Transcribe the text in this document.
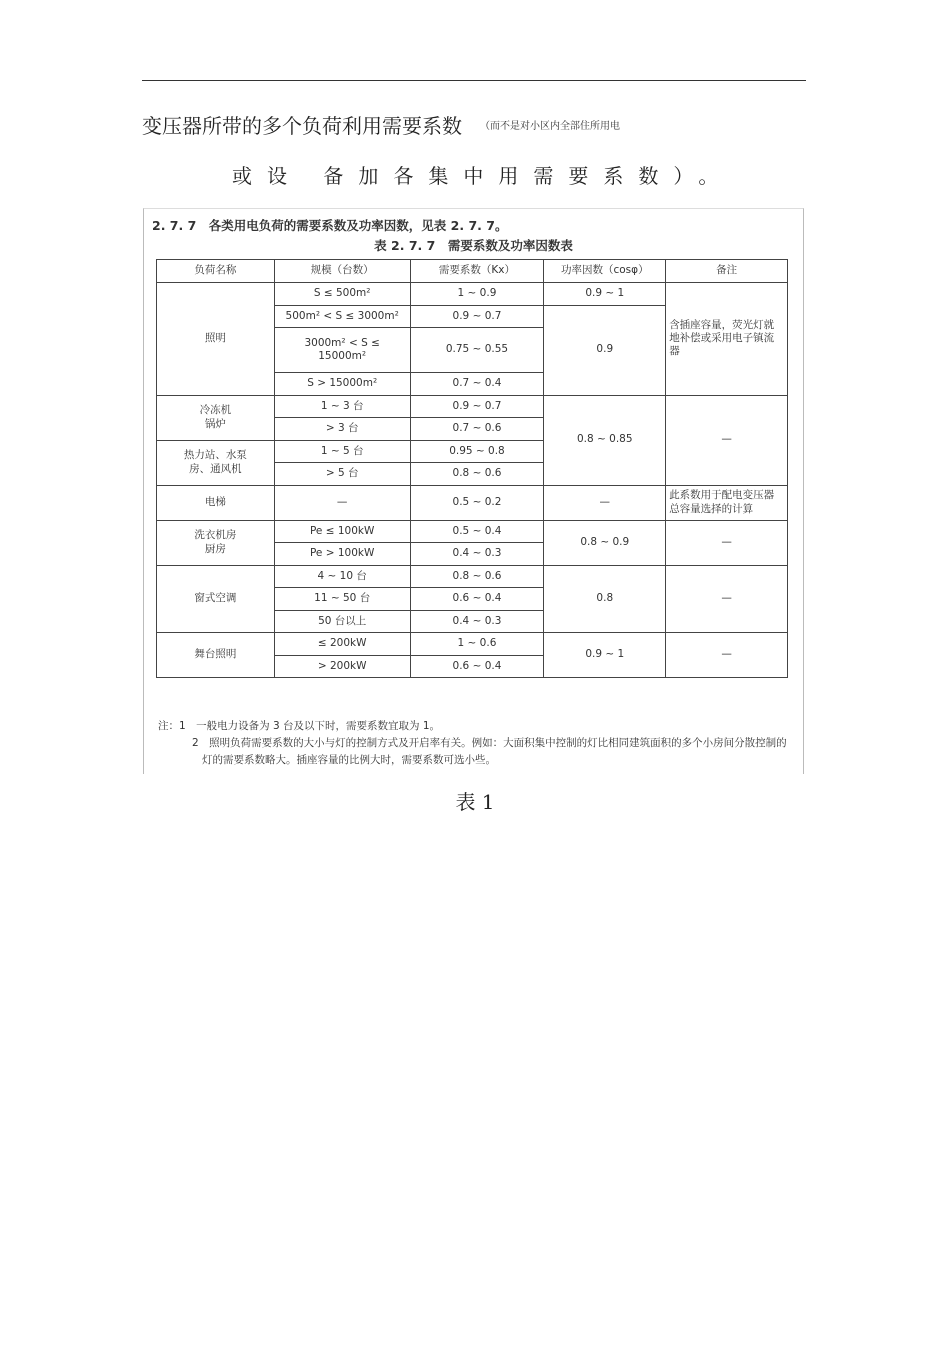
变压器所带的多个负荷利用需要系数 $^{(而不是对小区内全部住所用电}$
或设 备加各集中用需要系数）。
2. 7. 7　各类用电负荷的需要系数及功率因数，见表 2. 7. 7。
表 2. 7. 7　需要系数及功率因数表
负荷名称	规模（台数）	需要系数（Kx）	功率因数（cosφ）	备注
照明	S ≤ 500m²	1 ~ 0.9	0.9 ~ 1	含插座容量，荧光灯就地补偿或采用电子镇流器
	500m² < S ≤ 3000m²	0.9 ~ 0.7	0.9	
	3000m² < S ≤
15000m²	0.75 ~ 0.55		
	S > 15000m²	0.7 ~ 0.4		
冷冻机
锅炉	1 ~ 3 台	0.9 ~ 0.7	0.8 ~ 0.85	—
	> 3 台	0.7 ~ 0.6		
热力站、水泵
房、通风机	1 ~ 5 台	0.95 ~ 0.8		
	> 5 台	0.8 ~ 0.6		
电梯	—	0.5 ~ 0.2	—	此系数用于配电变压器总容量选择的计算
洗衣机房
厨房	Pe ≤ 100kW	0.5 ~ 0.4	0.8 ~ 0.9	—
	Pe > 100kW	0.4 ~ 0.3		
窗式空调	4 ~ 10 台	0.8 ~ 0.6	0.8	—
	11 ~ 50 台	0.6 ~ 0.4		
	50 台以上	0.4 ~ 0.3		
舞台照明	≤ 200kW	1 ~ 0.6	0.9 ~ 1	—
	> 200kW	0.6 ~ 0.4		
注：1　一般电力设备为 3 台及以下时，需要系数宜取为 1。
2　照明负荷需要系数的大小与灯的控制方式及开启率有关。例如：大面积集中控制的灯比相同建筑面积的多个小房间分散控制的灯的需要系数略大。插座容量的比例大时，需要系数可选小些。
表 1
